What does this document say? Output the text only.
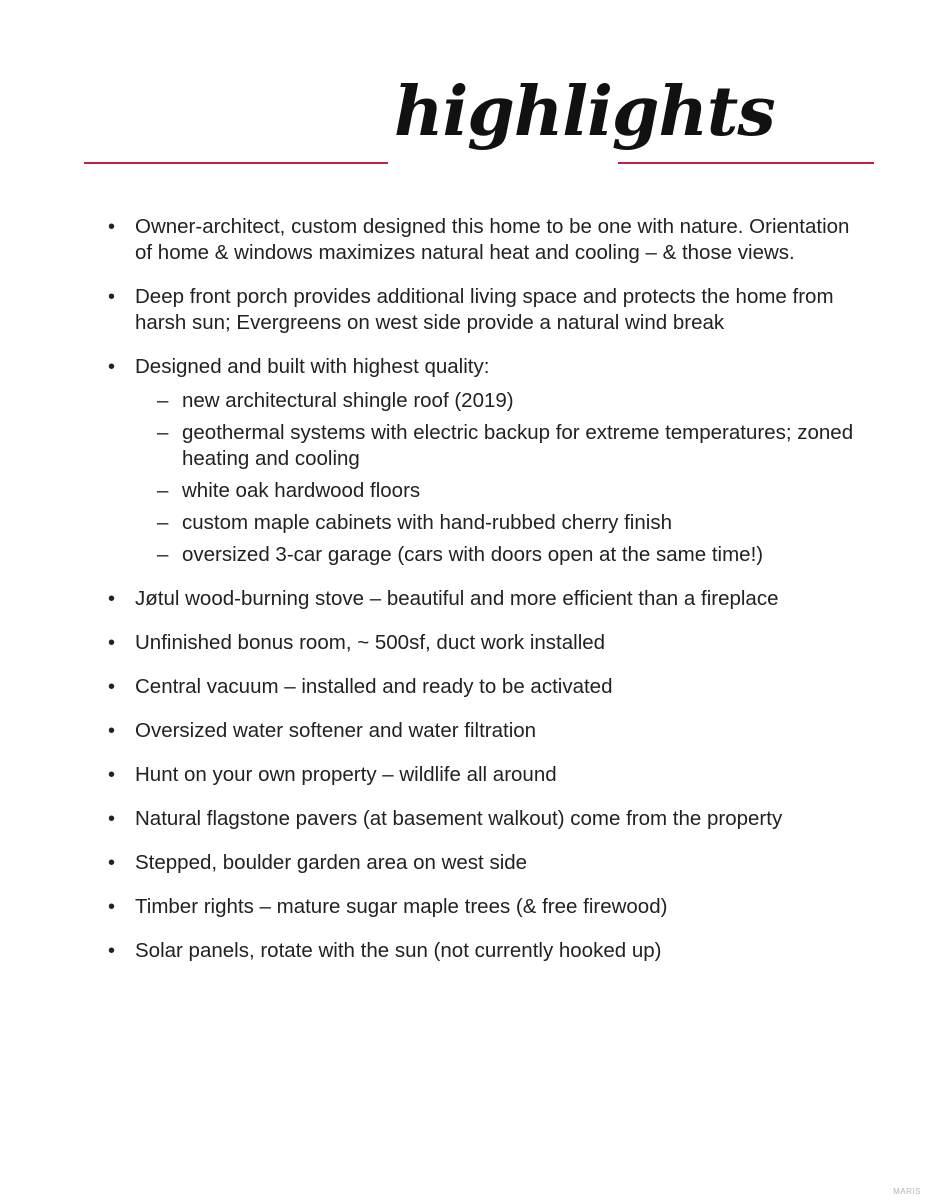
highlights
• Owner-architect, custom designed this home to be one with nature. Orientation of home & windows maximizes natural heat and cooling – & those views.
• Deep front porch provides additional living space and protects the home from harsh sun; Evergreens on west side provide a natural wind break
• Designed and built with highest quality:
– new architectural shingle roof (2019)
– geothermal systems with electric backup for extreme temperatures; zoned heating and cooling
– white oak hardwood floors
– custom maple cabinets with hand-rubbed cherry finish
– oversized 3-car garage (cars with doors open at the same time!)
• Jøtul wood-burning stove – beautiful and more efficient than a fireplace
• Unfinished bonus room, ~ 500sf, duct work installed
• Central vacuum – installed and ready to be activated
• Oversized water softener and water filtration
• Hunt on your own property – wildlife all around
• Natural flagstone pavers (at basement walkout) come from the property
• Stepped, boulder garden area on west side
• Timber rights – mature sugar maple trees (& free firewood)
• Solar panels, rotate with the sun (not currently hooked up)
MARIS
